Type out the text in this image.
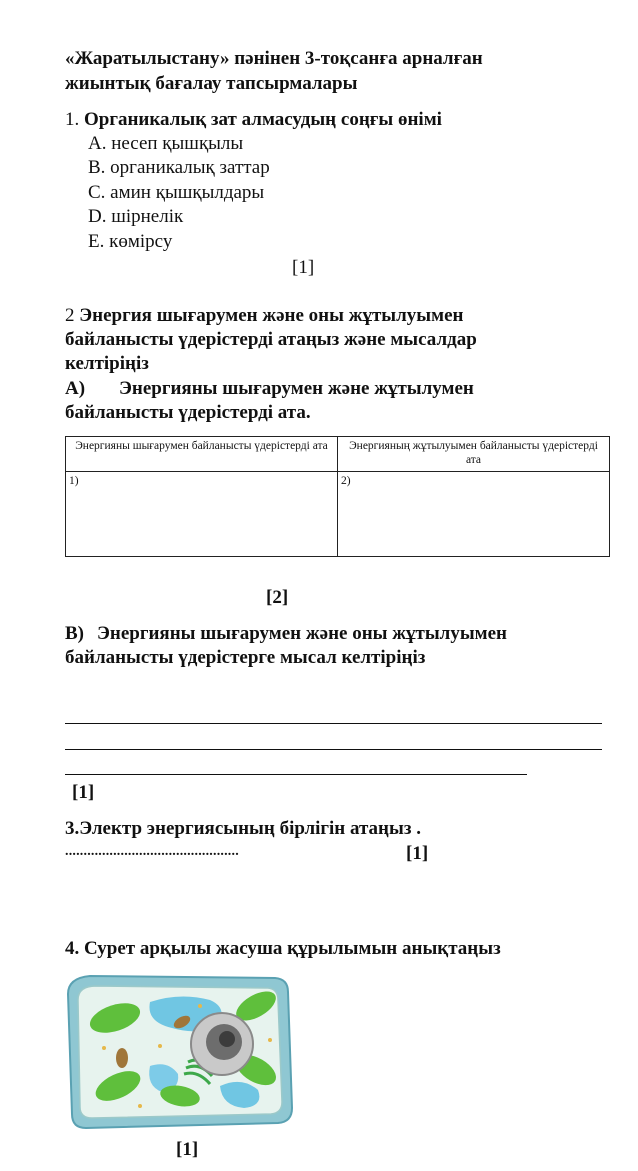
«Жаратылыстану» пәнінен 3-тоқсанға арналған
жиынтық бағалау тапсырмалары
1. Органикалық зат алмасудың соңғы өнімі
A. несеп қышқылы
B. органикалық заттар
C. амин қышқылдары
D. шірнелік
E. көмірсу
[1]
2 Энергия шығарумен және оны жұтылуымен
байланысты үдерістерді атаңыз және мысалдар
келтіріңіз
A) Энергияны шығарумен және жұтылумен
байланысты үдерістерді ата.
Энергияны шығарумен байланысты үдерістерді ата	Энергияның жұтылуымен байланысты үдерістерді ата
1)	2)
[2]
B) Энергияны шығарумен және оны жұтылуымен
байланысты үдерістерге мысал келтіріңіз
[1]
3.Электр энергиясының бірлігін атаңыз .
...............................................	[1]
4. Сурет арқылы жасуша құрылымын анықтаңыз
[1]
